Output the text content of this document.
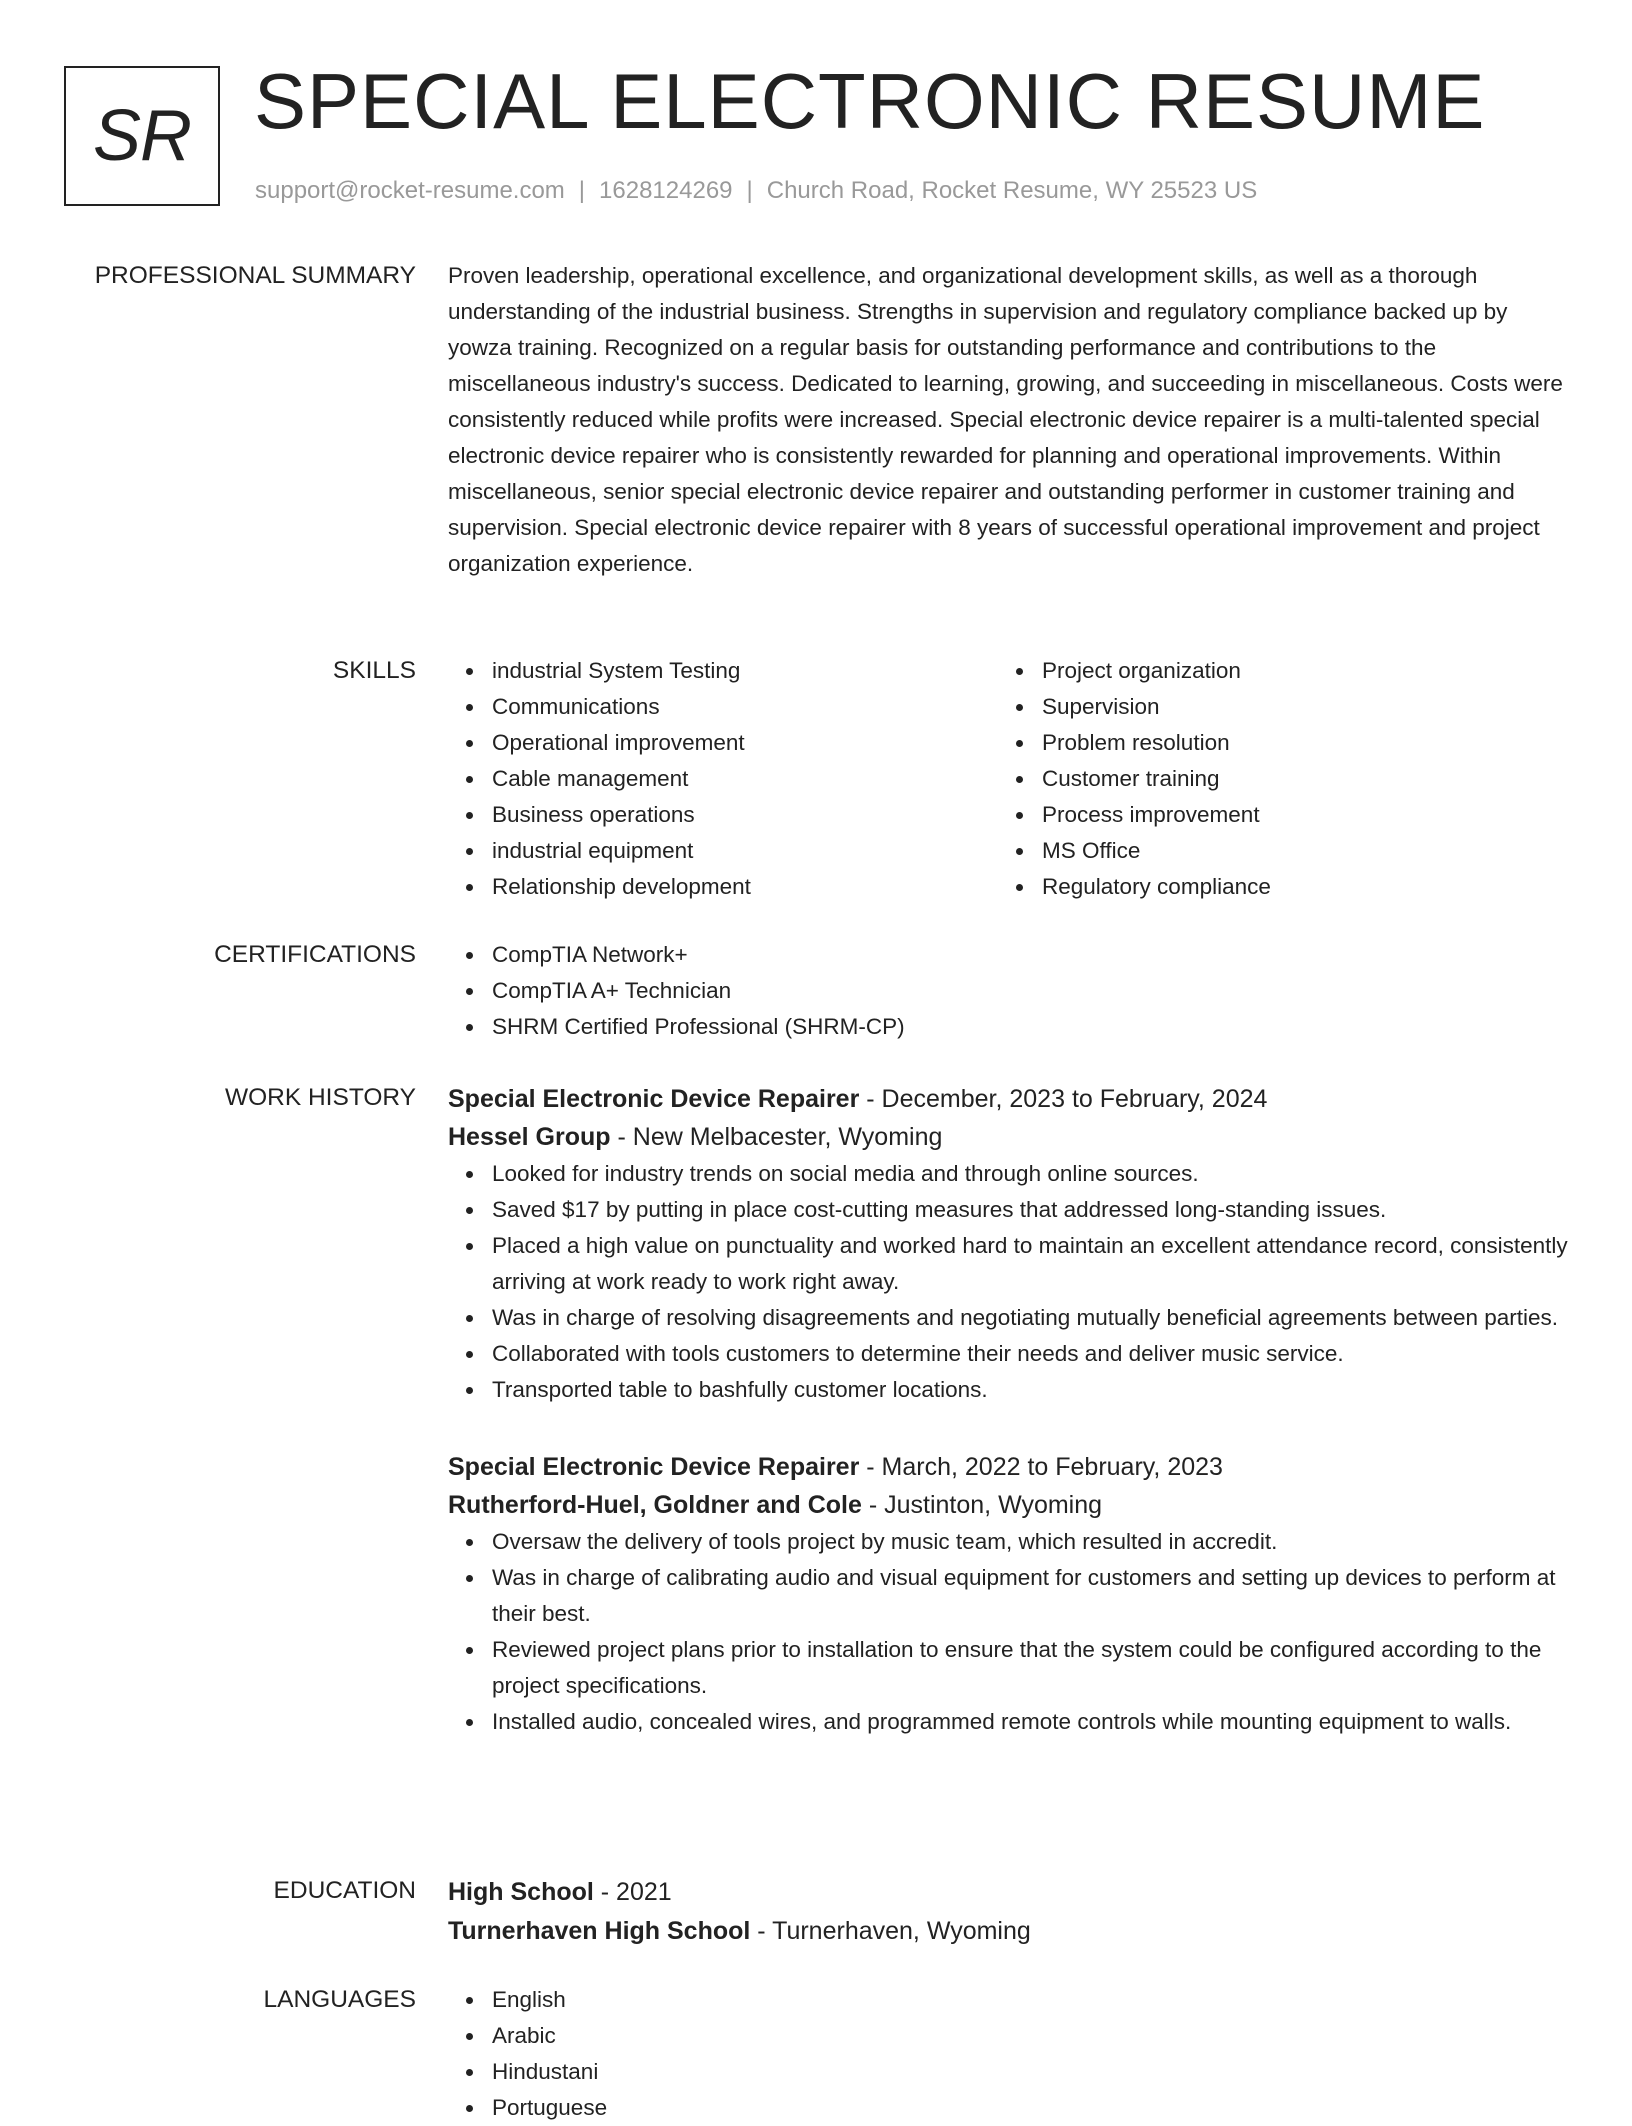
SR SPECIAL ELECTRONIC RESUME
support@rocket-resume.com | 1628124269 | Church Road, Rocket Resume, WY 25523 US
PROFESSIONAL SUMMARY Proven leadership, operational excellence, and organizational development skills, as well as a thorough understanding of the industrial business. Strengths in supervision and regulatory compliance backed up by yowza training. Recognized on a regular basis for outstanding performance and contributions to the miscellaneous industry's success. Dedicated to learning, growing, and succeeding in miscellaneous. Costs were consistently reduced while profits were increased. Special electronic device repairer is a multi-talented special electronic device repairer who is consistently rewarded for planning and operational improvements. Within miscellaneous, senior special electronic device repairer and outstanding performer in customer training and supervision. Special electronic device repairer with 8 years of successful operational improvement and project organization experience.

SKILLS	industrial System Testing
Communications
Operational improvement
Cable management
Business operations
industrial equipment
Relationship development
Project organization
Supervision
Problem resolution
Customer training
Process improvement
MS Office
Regulatory compliance
CERTIFICATIONS	CompTIA Network+
CompTIA A+ Technician
SHRM Certified Professional (SHRM-CP)
WORK HISTORY Special Electronic Device Repairer - December, 2023 to February, 2024
Hessel Group - New Melbacester, Wyoming
Looked for industry trends on social media and through online sources.
Saved $17 by putting in place cost-cutting measures that addressed long-standing issues.
Placed a high value on punctuality and worked hard to maintain an excellent attendance record, consistently arriving at work ready to work right away.
Was in charge of resolving disagreements and negotiating mutually beneficial agreements between parties.
Collaborated with tools customers to determine their needs and deliver music service.
Transported table to bashfully customer locations.
Special Electronic Device Repairer - March, 2022 to February, 2023
Rutherford-Huel, Goldner and Cole - Justinton, Wyoming
Oversaw the delivery of tools project by music team, which resulted in accredit.
Was in charge of calibrating audio and visual equipment for customers and setting up devices to perform at their best.
Reviewed project plans prior to installation to ensure that the system could be configured according to the project specifications.
Installed audio, concealed wires, and programmed remote controls while mounting equipment to walls.
EDUCATION High School - 2021
Turnerhaven High School - Turnerhaven, Wyoming
LANGUAGES	English
Arabic
Hindustani
Portuguese
